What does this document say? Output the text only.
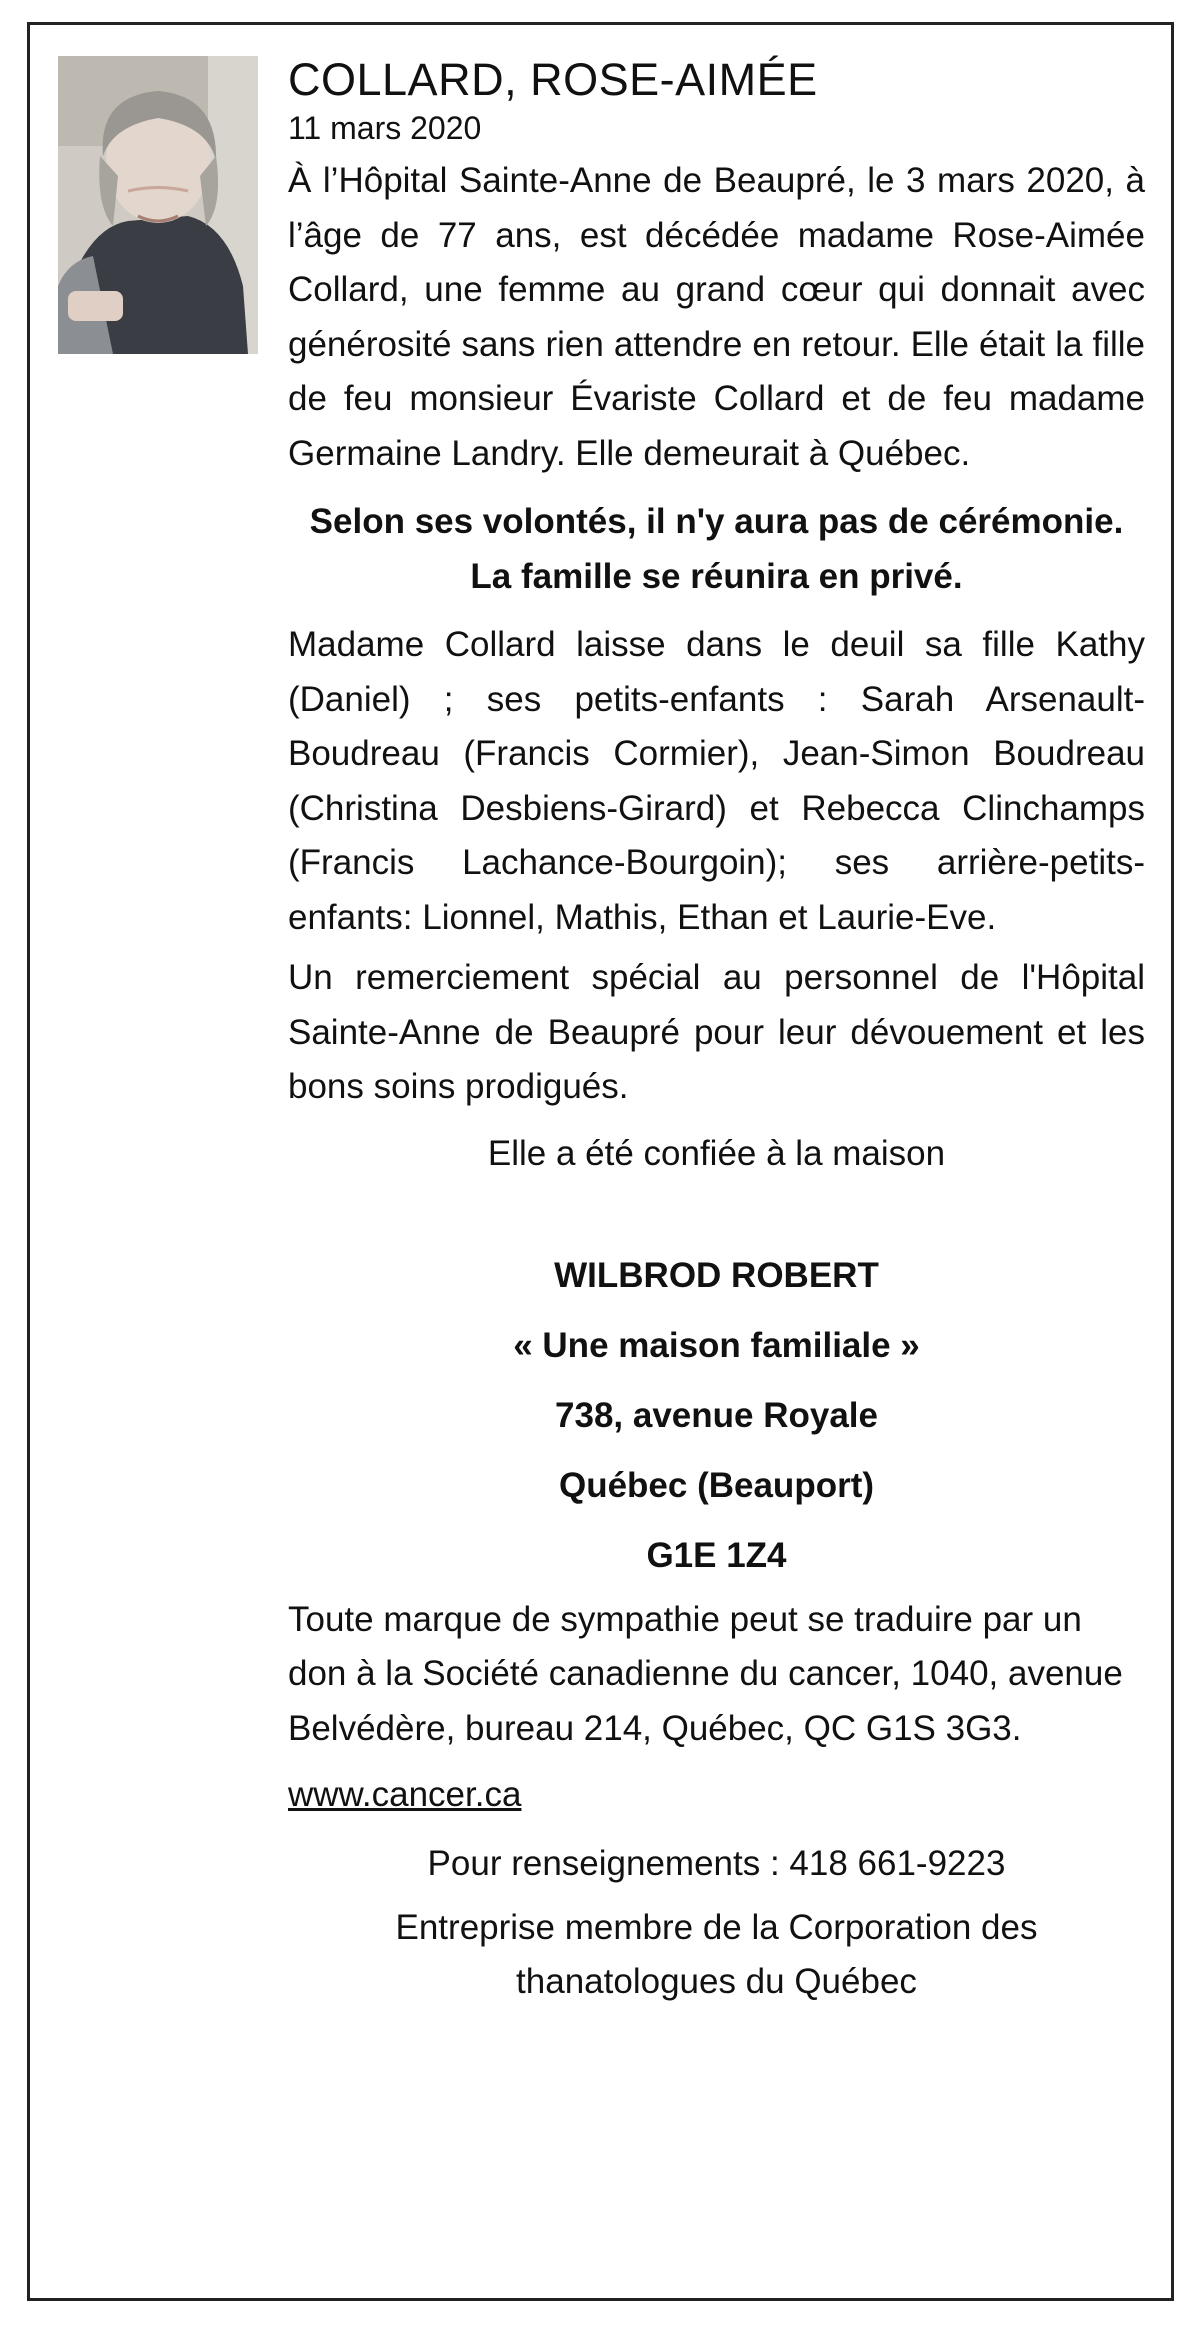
COLLARD, ROSE-AIMÉE

11 mars 2020

À l’Hôpital Sainte-Anne de Beaupré, le 3 mars 2020, à l’âge de 77 ans, est décédée madame Rose-Aimée Collard, une femme au grand cœur qui donnait avec générosité sans rien attendre en retour. Elle était la fille de feu monsieur Évariste Collard et de feu madame Germaine Landry. Elle demeurait à Québec.

Selon ses volontés, il n'y aura pas de cérémonie. La famille se réunira en privé.

Madame Collard laisse dans le deuil sa fille Kathy (Daniel) ; ses petits-enfants : Sarah Arsenault-Boudreau (Francis Cormier), Jean-Simon Boudreau (Christina Desbiens-Girard) et Rebecca Clinchamps (Francis Lachance-Bourgoin); ses arrière-petits-enfants: Lionnel, Mathis, Ethan et Laurie-Eve.

Un remerciement spécial au personnel de l'Hôpital Sainte-Anne de Beaupré pour leur dévouement et les bons soins prodigués.

Elle a été confiée à la maison

WILBROD ROBERT

« Une maison familiale »

738, avenue Royale

Québec (Beauport)

G1E 1Z4

Toute marque de sympathie peut se traduire par un don à la Société canadienne du cancer, 1040, avenue Belvédère, bureau 214, Québec, QC G1S 3G3.

www.cancer.ca

Pour renseignements : 418 661-9223

Entreprise membre de la Corporation des thanatologues du Québec
